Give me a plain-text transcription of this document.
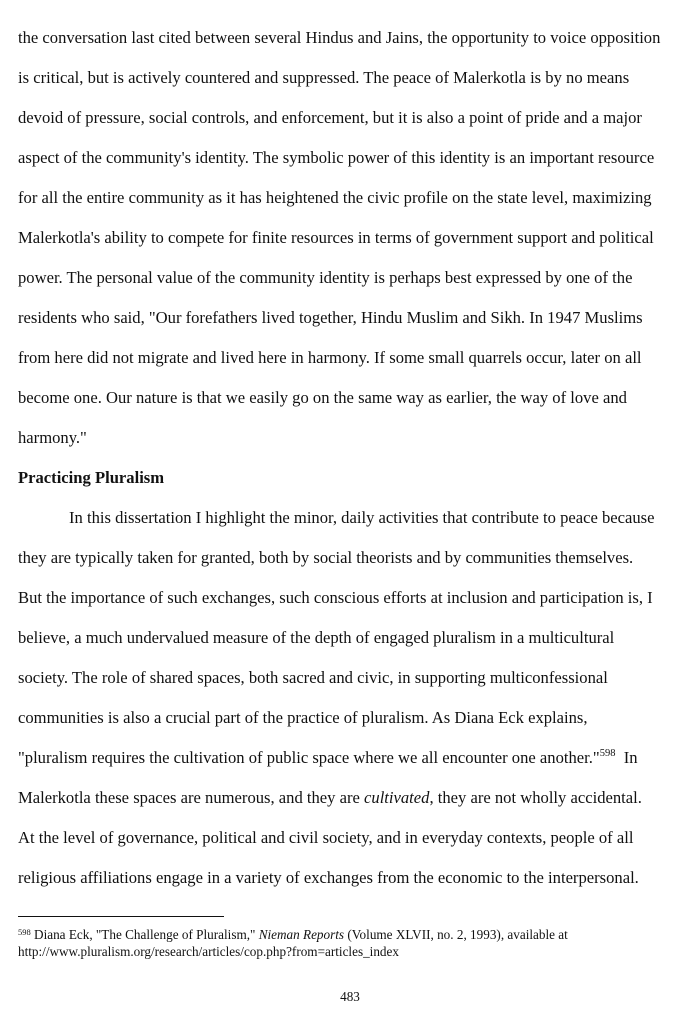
the conversation last cited between several Hindus and Jains, the opportunity to voice opposition
is critical, but is actively countered and suppressed. The peace of Malerkotla is by no means
devoid of pressure, social controls, and enforcement, but it is also a point of pride and a major
aspect of the community's identity. The symbolic power of this identity is an important resource
for all the entire community as it has heightened the civic profile on the state level, maximizing
Malerkotla's ability to compete for finite resources in terms of government support and political
power. The personal value of the community identity is perhaps best expressed by one of the
residents who said, "Our forefathers lived together, Hindu Muslim and Sikh. In 1947 Muslims
from here did not migrate and lived here in harmony. If some small quarrels occur, later on all
become one. Our nature is that we easily go on the same way as earlier, the way of love and
harmony."
Practicing Pluralism
In this dissertation I highlight the minor, daily activities that contribute to peace because
they are typically taken for granted, both by social theorists and by communities themselves.
But the importance of such exchanges, such conscious efforts at inclusion and participation is, I
believe, a much undervalued measure of the depth of engaged pluralism in a multicultural
society. The role of shared spaces, both sacred and civic, in supporting multiconfessional
communities is also a crucial part of the practice of pluralism. As Diana Eck explains,
"pluralism requires the cultivation of public space where we all encounter one another."$^{598}$  In
Malerkotla these spaces are numerous, and they are cultivated, they are not wholly accidental.
At the level of governance, political and civil society, and in everyday contexts, people of all
religious affiliations engage in a variety of exchanges from the economic to the interpersonal.
$^{598}$ Diana Eck, "The Challenge of Pluralism," Nieman Reports (Volume XLVII, no. 2, 1993), available at
http://www.pluralism.org/research/articles/cop.php?from=articles_index
483
